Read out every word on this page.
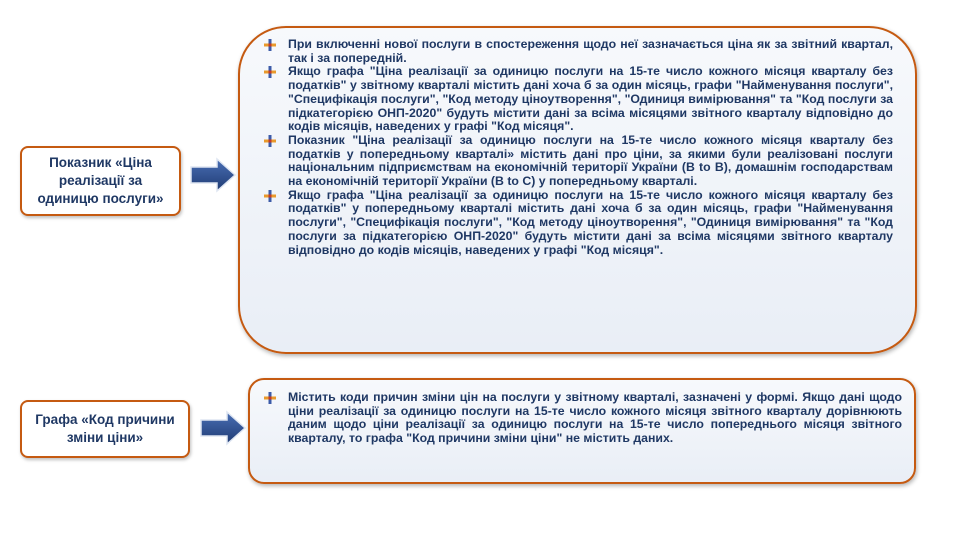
Показник «Ціна реалізації за одиницю послуги»
При включенні нової послуги в спостереження щодо неї зазначається ціна як за звітний квартал, так і за попередній.
Якщо графа "Ціна реалізації за одиницю послуги на 15-те число кожного місяця кварталу без податків" у звітному кварталі містить дані хоча б за один місяць, графи "Найменування послуги", "Специфікація послуги", "Код методу ціноутворення", "Одиниця вимірювання" та "Код послуги за підкатегорією ОНП-2020" будуть містити дані за всіма місяцями звітного кварталу відповідно до кодів місяців, наведених у графі "Код місяця".
Показник "Ціна реалізації за одиницю послуги на 15-те число кожного місяця кварталу без податків у попередньому кварталі» містить дані про ціни, за якими були реалізовані послуги національним підприємствам на економічній території України (B to B), домашнім господарствам на економічній території України (B to C) у попередньому кварталі.
Якщо графа "Ціна реалізації за одиницю послуги на 15-те число кожного місяця кварталу без податків" у попередньому кварталі містить дані хоча б за один місяць, графи "Найменування послуги", "Специфікація послуги", "Код методу ціноутворення", "Одиниця вимірювання" та "Код послуги за підкатегорією ОНП-2020" будуть містити дані за всіма місяцями звітного кварталу відповідно до кодів місяців, наведених у графі "Код місяця".
Графа «Код причини зміни ціни»
Містить коди причин зміни цін на послуги у звітному кварталі, зазначені у формі. Якщо дані щодо ціни реалізації за одиницю послуги на 15-те число кожного місяця звітного кварталу дорівнюють даним щодо ціни реалізації за одиницю послуги на 15-те число попереднього місяця звітного кварталу, то графа "Код причини зміни ціни" не містить даних.
